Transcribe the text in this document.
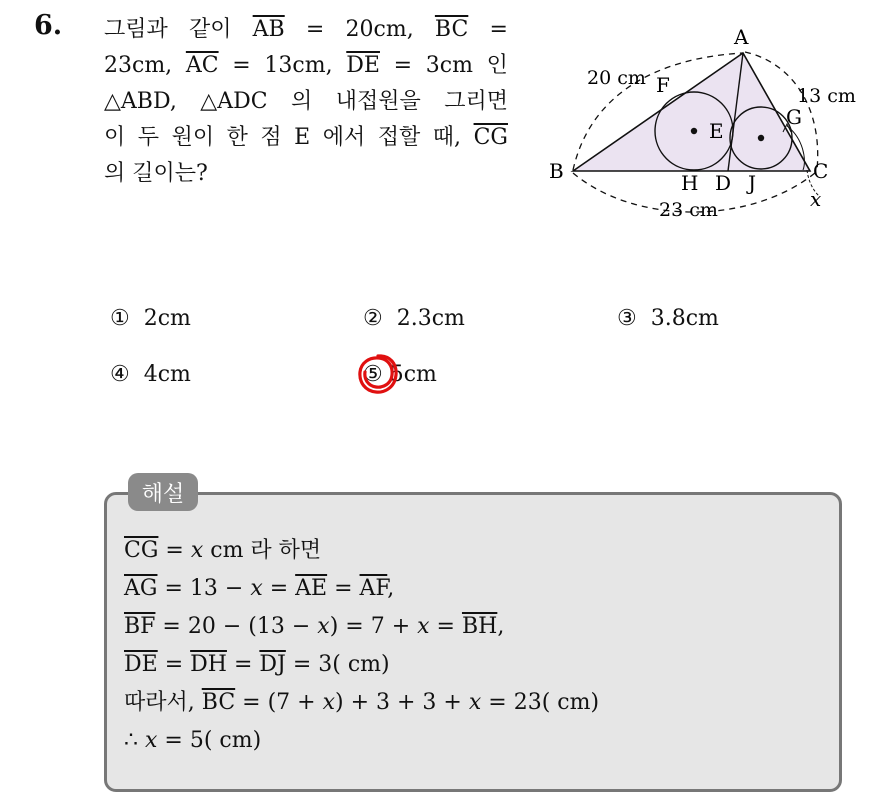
6. 그림과 같이 $\overline{AB} = 20cm$, $\overline{BC}$ =
23cm, $\overline{AC} = 13cm$, $\overline{DE} = 3cm$ 인
△ABD, △ADC 의 내접원을 그리면
이 두 원이 한 점 E 에서 접할 때, $\overline{CG}$
의 길이는?
A
B	C
D
E
F
G
H J
x
20 cm
13 cm
23 cm
① 2cm	② 2.3cm	③ 3.8cm
④ 4cm	⑤ 5cm
해설
$\overline{CG} = x$ cm 라 하면
$\overline{AG} = 13 - x = \overline{AE} = \overline{AF}$,
$\overline{BF} = 20 - (13 - x) = 7 + x = \overline{BH}$,
$\overline{DE} = \overline{DH} = \overline{DJ} = 3$( cm)
따라서, $\overline{BC} = (7 + x) + 3 + 3 + x = 23$( cm)
∴ x = 5( cm)
